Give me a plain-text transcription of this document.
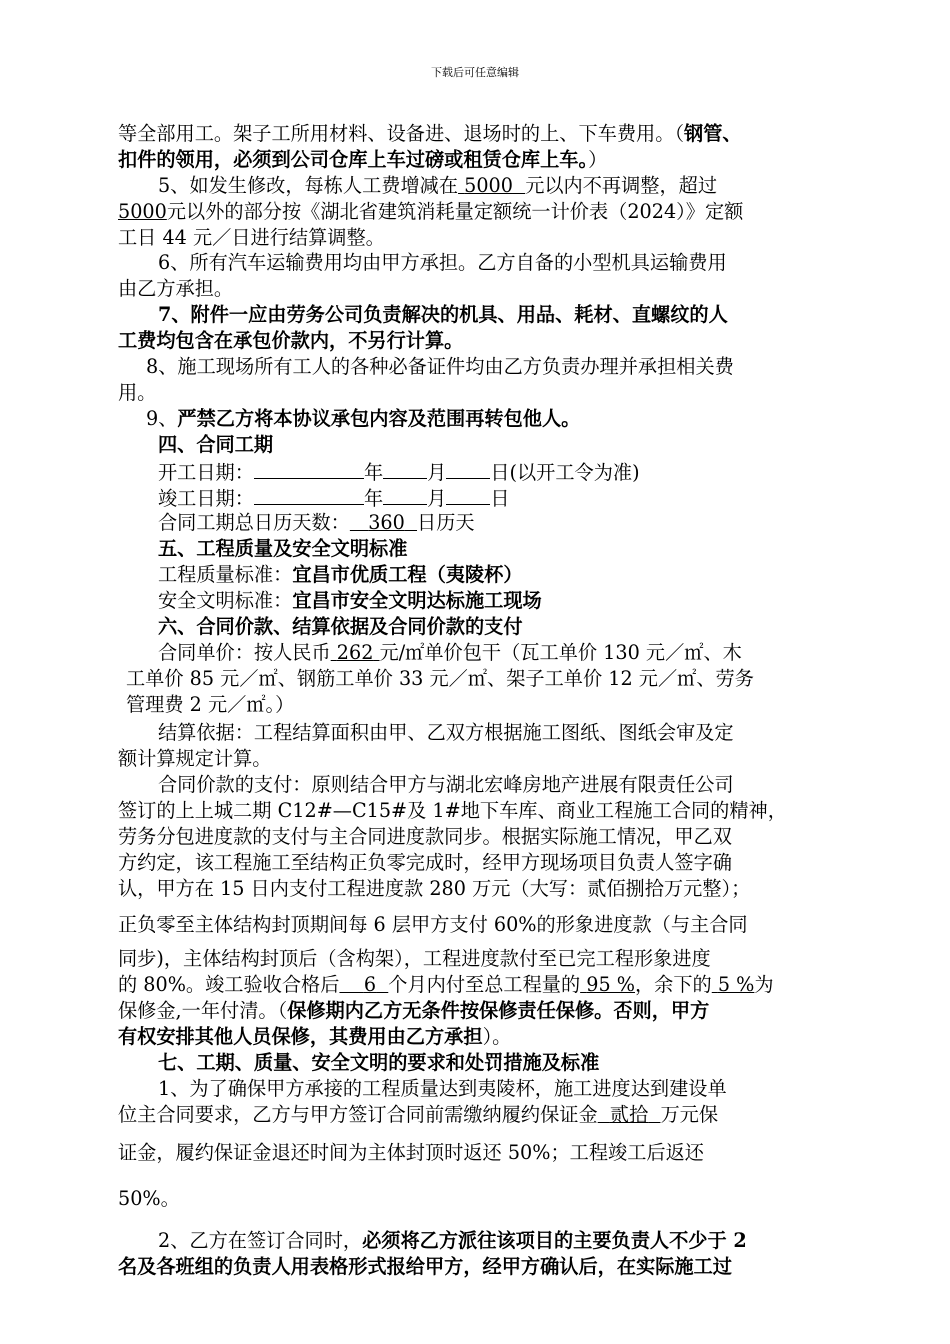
下载后可任意编辑
等全部用工。架子工所用材料、设备进、退场时的上、下车费用。（钢管、
扣件的领用，必须到公司仓库上车过磅或租赁仓库上车。）
5、如发生修改，每栋人工费增减在 5000 元以内不再调整，超过
5000元以外的部分按《湖北省建筑消耗量定额统一计价表（2024）》定额
工日 44 元／日进行结算调整。
6、所有汽车运输费用均由甲方承担。乙方自备的小型机具运输费用
由乙方承担。
7、附件一应由劳务公司负责解决的机具、用品、耗材、直螺纹的人
工费均包含在承包价款内，不另行计算。
8、施工现场所有工人的各种必备证件均由乙方负责办理并承担相关费
用。
9、严禁乙方将本协议承包内容及范围再转包他人。
四、合同工期
开工日期：	年 月 日(以开工令为准)
竣工日期：	年 月 日
合同工期总日历天数： 360 日历天
五、工程质量及安全文明标准
工程质量标准：宜昌市优质工程（夷陵杯）
安全文明标准：宜昌市安全文明达标施工现场
六、合同价款、结算依据及合同价款的支付
合同单价：按人民币 262 元/㎡单价包干（瓦工单价 130 元／㎡、木
工单价 85 元／㎡、钢筋工单价 33 元／㎡、架子工单价 12 元／㎡、劳务
管理费 2 元／㎡。）
结算依据：工程结算面积由甲、乙双方根据施工图纸、图纸会审及定
额计算规定计算。
合同价款的支付：原则结合甲方与湖北宏峰房地产进展有限责任公司
签订的上上城二期 C12#—C15#及 1#地下车库、商业工程施工合同的精神，
劳务分包进度款的支付与主合同进度款同步。根据实际施工情况，甲乙双
方约定，该工程施工至结构正负零完成时，经甲方现场项目负责人签字确
认，甲方在 15 日内支付工程进度款 280 万元（大写：贰佰捌拾万元整）；
正负零至主体结构封顶期间每 6 层甲方支付 60%的形象进度款（与主合同
同步)，主体结构封顶后（含构架），工程进度款付至已完工程形象进度
的 80%。竣工验收合格后 6 个月内付至总工程量的 95 %，余下的 5 %为
保修金,一年付清。（保修期内乙方无条件按保修责任保修。否则，甲方
有权安排其他人员保修，其费用由乙方承担）。
七、工期、质量、安全文明的要求和处罚措施及标准
1、为了确保甲方承接的工程质量达到夷陵杯，施工进度达到建设单
位主合同要求，乙方与甲方签订合同前需缴纳履约保证金 贰拾 万元保
证金，履约保证金退还时间为主体封顶时返还 50%；工程竣工后返还
50%。
2、乙方在签订合同时，必须将乙方派往该项目的主要负责人不少于 2
名及各班组的负责人用表格形式报给甲方，经甲方确认后，在实际施工过
